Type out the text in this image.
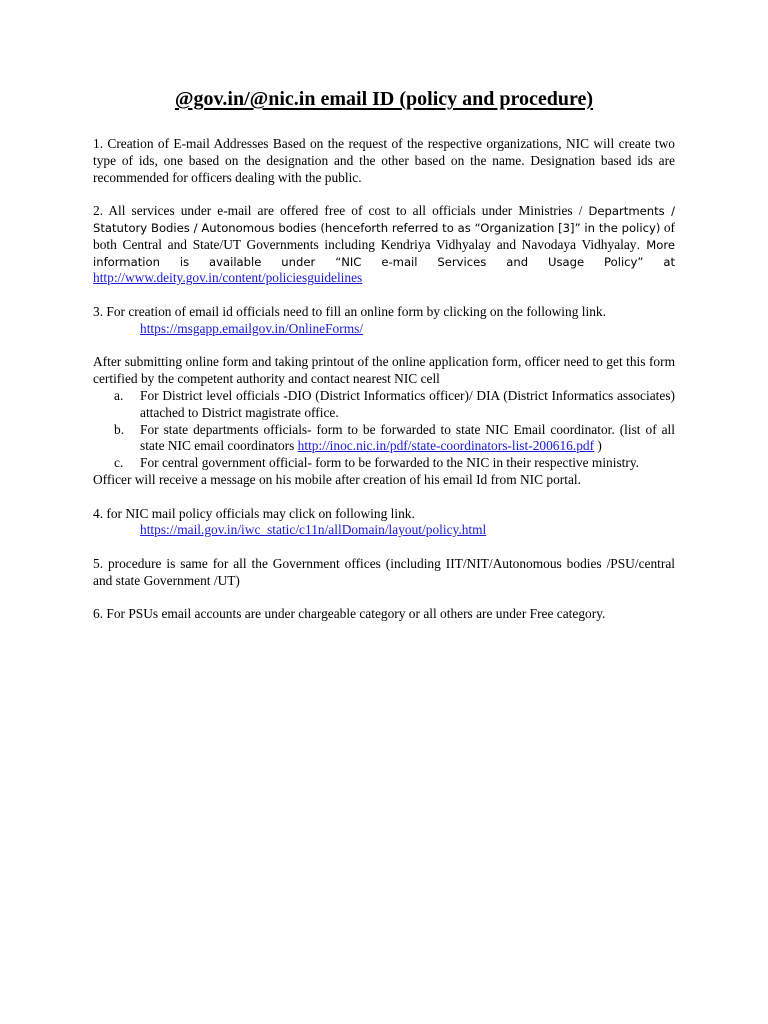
@gov.in/@nic.in email ID (policy and procedure)

1. Creation of E-mail Addresses Based on the request of the respective organizations, NIC will create two type of ids, one based on the designation and the other based on the name. Designation based ids are recommended for officers dealing with the public.

2. All services under e-mail are offered free of cost to all officials under Ministries / Departments / Statutory Bodies / Autonomous bodies (henceforth referred to as “Organization [3]” in the policy) of both Central and State/UT Governments including Kendriya Vidhyalay and Navodaya Vidhyalay. More information is available under “NIC e-mail Services and Usage Policy” at http://www.deity.gov.in/content/policiesguidelines

3. For creation of email id officials need to fill an online form by clicking on the following link.

https://msgapp.emailgov.in/OnlineForms/
After submitting online form and taking printout of the online application form, officer need to get this form certified by the competent authority and contact nearest NIC cell
a. For District level officials -DIO (District Informatics officer)/ DIA (District Informatics associates) attached to District magistrate office.
b. For state departments officials- form to be forwarded to state NIC Email coordinator. (list of all state NIC email coordinators http://inoc.nic.in/pdf/state-coordinators-list-200616.pdf )
c. For central government official- form to be forwarded to the NIC in their respective ministry.
Officer will receive a message on his mobile after creation of his email Id from NIC portal.

4. for NIC mail policy officials may click on following link.

https://mail.gov.in/iwc_static/c11n/allDomain/layout/policy.html

5. procedure is same for all the Government offices (including IIT/NIT/Autonomous bodies /PSU/central and state Government /UT)

6. For PSUs email accounts are under chargeable category or all others are under Free category.
